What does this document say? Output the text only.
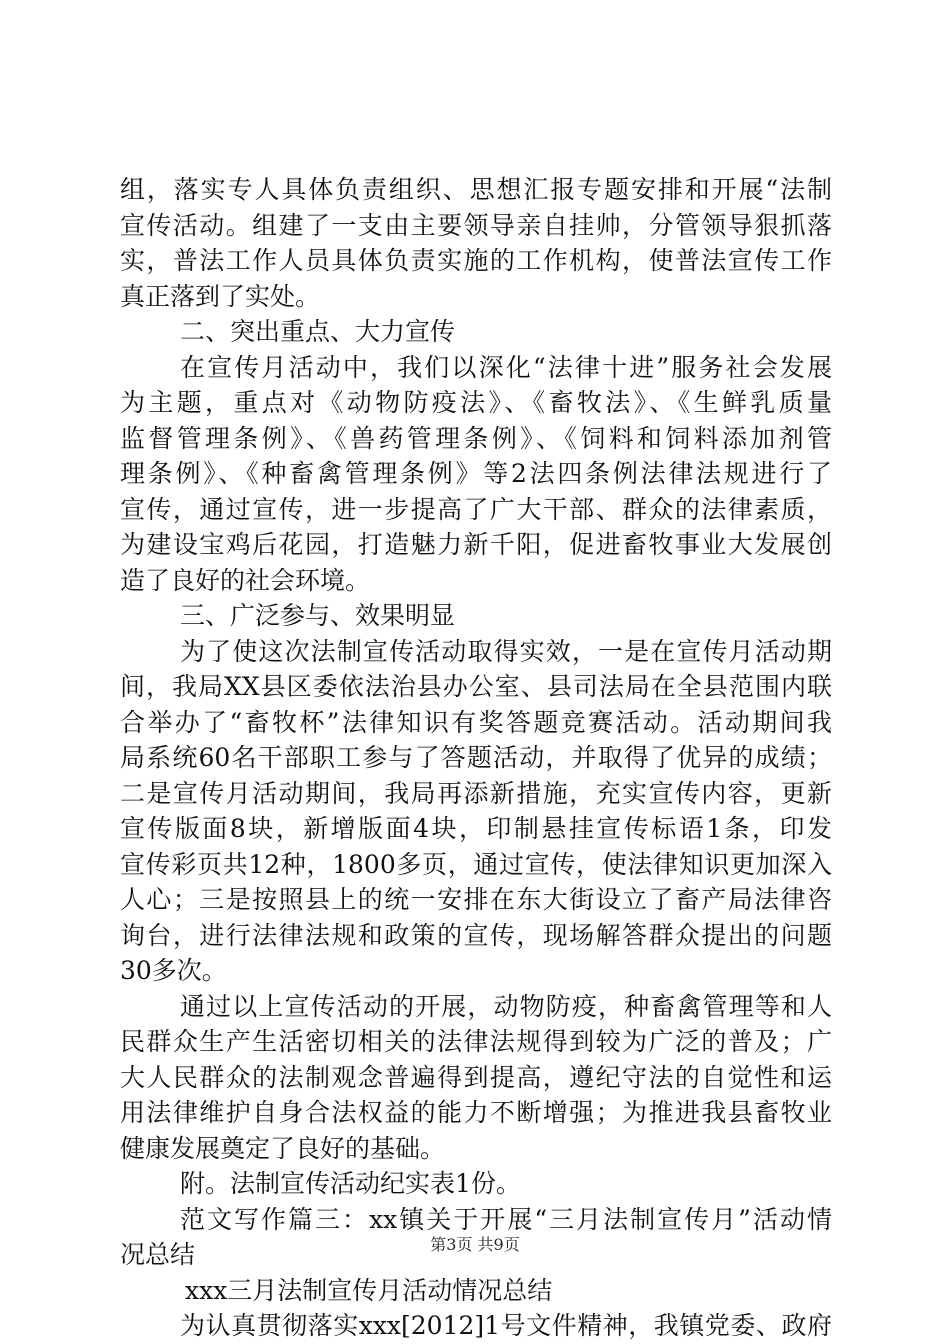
组，落实专人具体负责组织、思想汇报专题安排和开展“法制
宣传活动。组建了一支由主要领导亲自挂帅，分管领导狠抓落
实，普法工作人员具体负责实施的工作机构，使普法宣传工作
真正落到了实处。
二、突出重点、大力宣传
在宣传月活动中，我们以深化“法律十进”服务社会发展
为主题，重点对《动物防疫法》、《畜牧法》、《生鲜乳质量
监督管理条例》、《兽药管理条例》、《饲料和饲料添加剂管
理条例》、《种畜禽管理条例》等2法四条例法律法规进行了
宣传，通过宣传，进一步提高了广大干部、群众的法律素质，
为建设宝鸡后花园，打造魅力新千阳，促进畜牧事业大发展创
造了良好的社会环境。
三、广泛参与、效果明显
为了使这次法制宣传活动取得实效，一是在宣传月活动期
间，我局XX县区委依法治县办公室、县司法局在全县范围内联
合举办了“畜牧杯”法律知识有奖答题竞赛活动。活动期间我
局系统60名干部职工参与了答题活动，并取得了优异的成绩；
二是宣传月活动期间，我局再添新措施，充实宣传内容，更新
宣传版面8块，新增版面4块，印制悬挂宣传标语1条，印发
宣传彩页共12种，1800多页，通过宣传，使法律知识更加深入
人心；三是按照县上的统一安排在东大街设立了畜产局法律咨
询台，进行法律法规和政策的宣传，现场解答群众提出的问题
30多次。
通过以上宣传活动的开展，动物防疫，种畜禽管理等和人
民群众生产生活密切相关的法律法规得到较为广泛的普及；广
大人民群众的法制观念普遍得到提高，遵纪守法的自觉性和运
用法律维护自身合法权益的能力不断增强；为推进我县畜牧业
健康发展奠定了良好的基础。
附。法制宣传活动纪实表1份。
范文写作篇三：xx镇关于开展“三月法制宣传月”活动情
况总结
xxx三月法制宣传月活动情况总结
为认真贯彻落实xxx[2012]1号文件精神，我镇党委、政府
第3页 共9页
